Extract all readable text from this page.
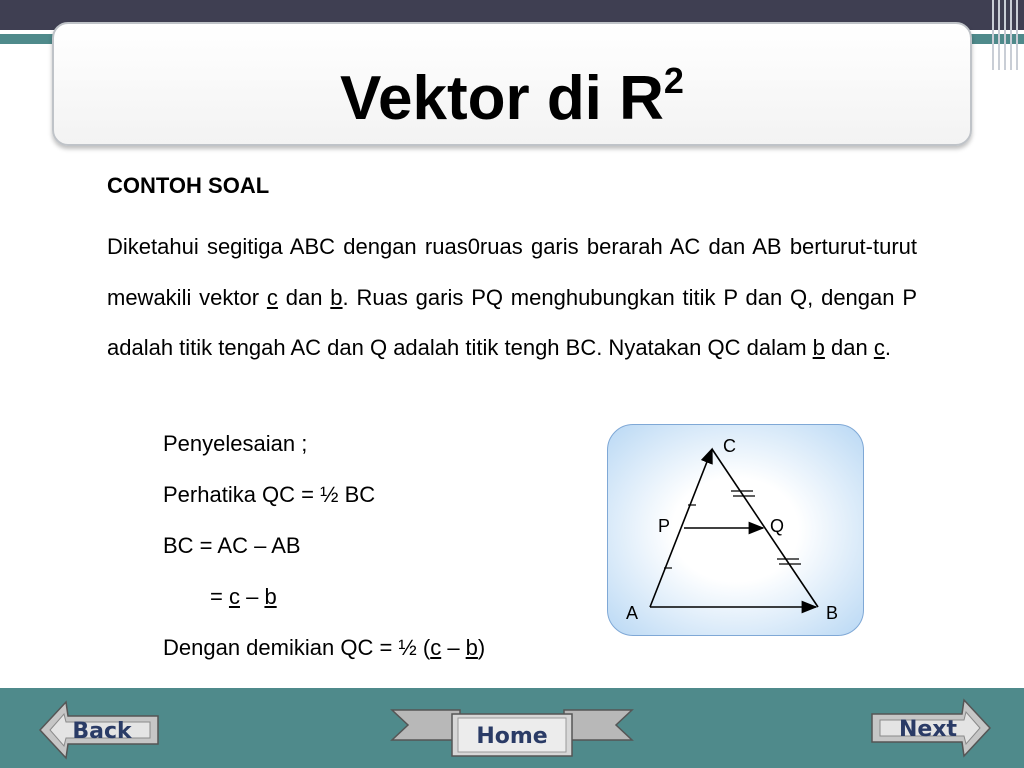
Vektor di $R^2$
CONTOH SOAL
Diketahui segitiga ABC dengan ruas0ruas garis berarah AC dan AB berturut-turut mewakili vektor c dan b. Ruas garis PQ menghubungkan titik P dan Q, dengan P adalah titik tengah AC dan Q adalah titik tengh BC. Nyatakan QC dalam b dan c.
Penyelesaian ;
Perhatika QC = ½ BC
BC = AC – AB
= c – b
Dengan demikian QC = ½ (c – b)
C
P	Q
A	B
Back	Home	Next
